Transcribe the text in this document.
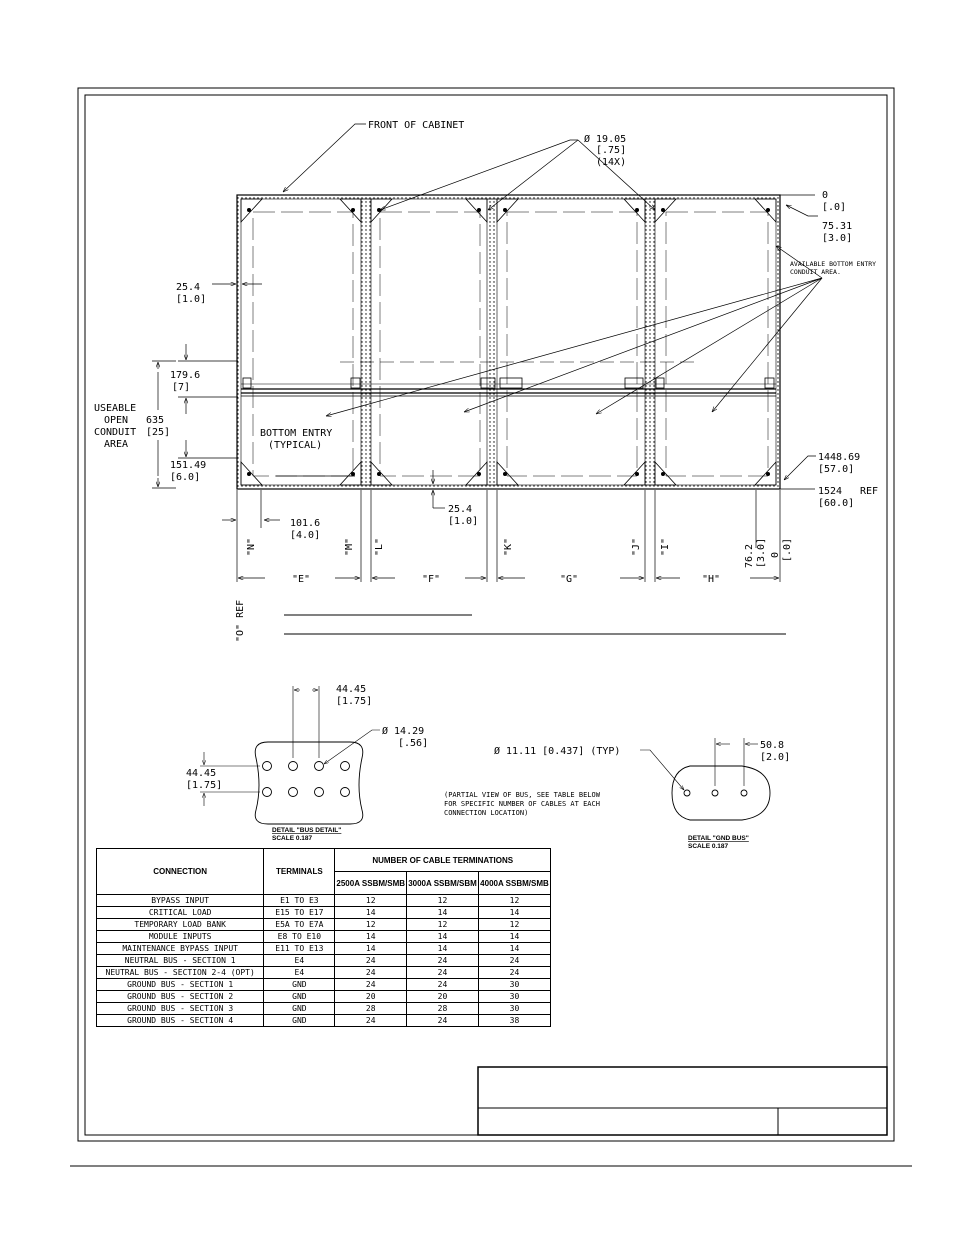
FRONT OF CABINET
Ø 19.05
[.75]
(14X)
0
[.0]
75.31
[3.0]
AVAILABLE BOTTOM ENTRY
CONDUIT AREA.
25.4
[1.0]
179.6
[7]
USEABLE
OPEN
CONDUIT
AREA
635
[25]	BOTTOM ENTRY
(TYPICAL)
151.49
[6.0]
1448.69
[57.0]
1524 REF
[60.0]
25.4
[1.0]
101.6
[4.0]
76.2 [3.0] 0 [.0]
"N"	"M" "L"	"K"	"J" "I"
"O" REF
"E"	"F"	"G"	"H"
44.45
[1.75]
Ø 14.29
[.56]
44.45
[1.75]
DETAIL "BUS DETAIL"
SCALE 0.187
(PARTIAL VIEW OF BUS, SEE TABLE BELOW
FOR SPECIFIC NUMBER OF CABLES AT EACH
CONNECTION LOCATION)
Ø 11.11 [0.437] (TYP)
50.8
[2.0]
DETAIL "GND BUS"
SCALE 0.187
CONNECTION	TERMINALS	NUMBER OF CABLE TERMINATIONS		
		2500A SSBM/SMB	3000A SSBM/SBM	4000A SSBM/SMB
BYPASS INPUT	E1 TO E3	12	12	12
CRITICAL LOAD	E15 TO E17	14	14	14
TEMPORARY LOAD BANK	E5A TO E7A	12	12	12
MODULE INPUTS	E8 TO E10	14	14	14
MAINTENANCE BYPASS INPUT	E11 TO E13	14	14	14
NEUTRAL BUS - SECTION 1	E4	24	24	24
NEUTRAL BUS - SECTION 2-4 (OPT)	E4	24	24	24
GROUND BUS - SECTION 1	GND	24	24	30
GROUND BUS - SECTION 2	GND	20	20	30
GROUND BUS - SECTION 3	GND	28	28	30
GROUND BUS - SECTION 4	GND	24	24	38
